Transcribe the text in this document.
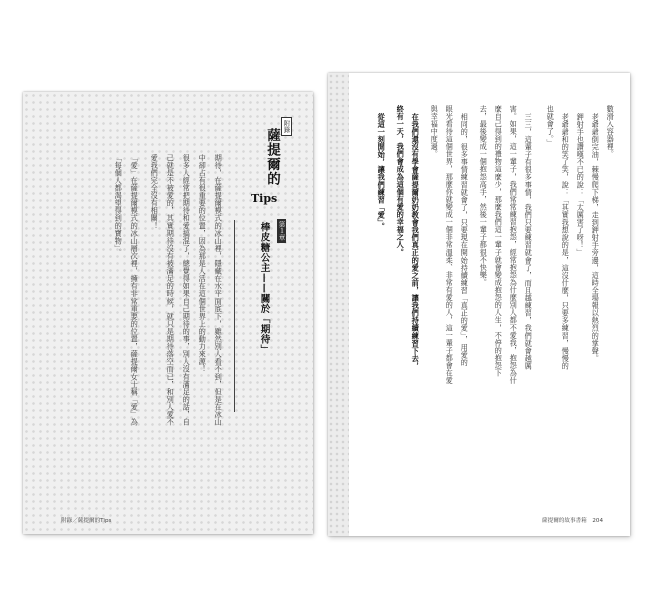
附錄
薩提爾的
Tips
第１章
棒皮糖公主——關於「期待」
期待，在薩提爾模式的冰山裡，隱藏在水平面底下，雖然別人看不到，但是在冰山
中卻占有很重要的位置，因為那是人活在這個世界上的動力來源！
很多人經常把期待和愛搞混了，總覺得如果自己期待的事，別人沒有滿足的話，自
己就是不被愛的，其實期待沒有被滿足的時候，就只是期待落空而已，和別人愛不
愛我們完全沒有相關！
「愛」在薩提爾模式的冰山層次裡，擁有非常重要的位置，薩提爾女士稱「愛」為
「每個人都渴望得到的寶物」。
附錄／薩提爾的Tips
數滑入容器裡。
老爺爺倒完油，棘慢爬下梯，走到鉀射手旁邊，這時全場報以熱烈的掌聲。
鉀射手也讚嘆不已的說：「太厲害了呀！」
老爺爺和的笑了笑，說：「其實我想說的是，這沒什麼，只要多練習，慢慢的
也就會了。」
三三，這輩子有很多事情，我們只要練習就會了，而且越練習，我們就會越厲
害。如果，這一輩子，我們常常練習抱怨，經常抱怨為什麼別人都不愛我，抱怨為什
麼自己得到的禮物這麼少，那麼我們這一輩子就會變成抱怨的人生，不停的抱怨下
去，最後變成一個抱怨高手，然後一輩子都很不快樂。
相同的，很多事情練習就會了，只要現在開始持續練習「真正的愛」，用愛的
眼光看待這個世界，那麼你就變成一個非常溫柔、非常有愛的人，這一輩子都會在愛
與幸福中度過。
在我們還沒有學會薩提爾奶奶教會我們真正的愛之前，讓我們持續練習下去，
終有一天，我們會成為這個有愛的幸福之人。
從這一刻開始，讓我們練習「愛」。
薩提爾的故事書箱　204
